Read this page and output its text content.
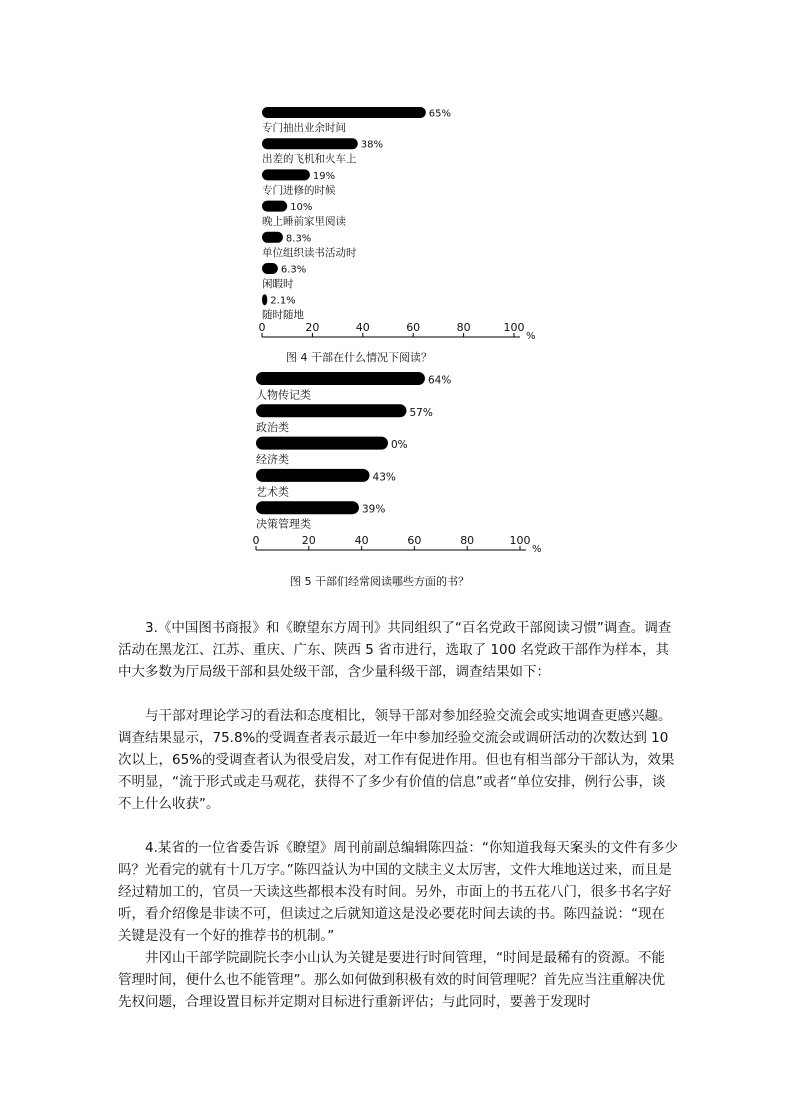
65%
专门抽出业余时间
38%
出差的飞机和火车上
19%
专门进修的时候
10%
晚上睡前家里阅读
8.3%
单位组织读书活动时
6.3%
闲暇时
2.1%
随时随地
0	20	40	60	80	100
%
64%
人物传记类
57%
政治类
0%
经济类
43%
艺术类
39%
决策管理类
0	20	40	60	80	100
%
图 4 干部在什么情况下阅读？
图 5 干部们经常阅读哪些方面的书？

3.《中国图书商报》和《瞭望东方周刊》共同组织了“百名党政干部阅读习惯”调查。调查活动在黑龙江、江苏、重庆、广东、陕西 5 省市进行，选取了 100 名党政干部作为样本，其中大多数为厅局级干部和县处级干部，含少量科级干部，调查结果如下：

与干部对理论学习的看法和态度相比，领导干部对参加经验交流会或实地调查更感兴趣。调查结果显示，75.8%的受调查者表示最近一年中参加经验交流会或调研活动的次数达到 10 次以上，65%的受调查者认为很受启发，对工作有促进作用。但也有相当部分干部认为，效果不明显，“流于形式或走马观花，获得不了多少有价值的信息”或者“单位安排，例行公事，谈不上什么收获”。

4.某省的一位省委告诉《瞭望》周刊前副总编辑陈四益：“你知道我每天案头的文件有多少吗？光看完的就有十几万字。”陈四益认为中国的文牍主义太厉害，文件大堆地送过来，而且是经过精加工的，官员一天读这些都根本没有时间。另外，市面上的书五花八门，很多书名字好听，看介绍像是非读不可，但读过之后就知道这是没必要花时间去读的书。陈四益说：“现在关键是没有一个好的推荐书的机制。”

井冈山干部学院副院长李小山认为关键是要进行时间管理，“时间是最稀有的资源。不能管理时间，便什么也不能管理”。那么如何做到积极有效的时间管理呢？首先应当注重解决优先权问题，合理设置目标并定期对目标进行重新评估；与此同时，要善于发现时
